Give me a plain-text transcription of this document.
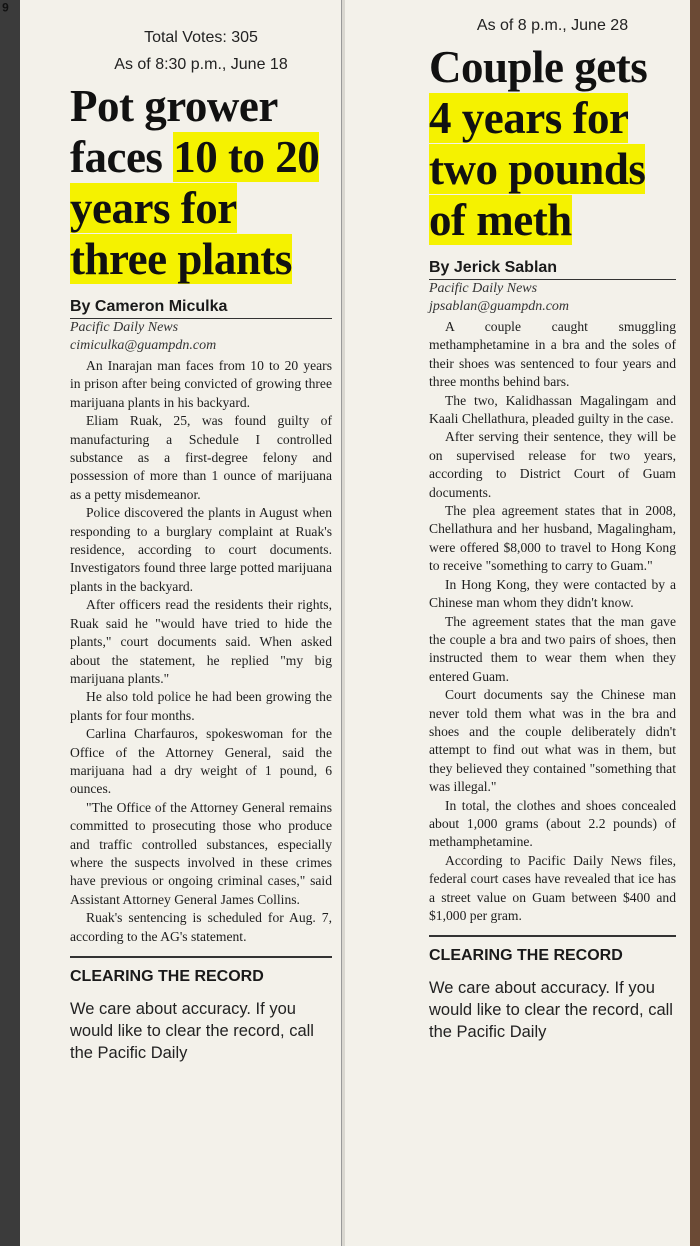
6
Total Votes: 305
As of 8:30 p.m., June 18
Pot grower faces 10 to 20 years for three plants
By Cameron Miculka
Pacific Daily News
cimiculka@guampdn.com

An Inarajan man faces from 10 to 20 years in prison after being convicted of growing three marijuana plants in his backyard.

Eliam Ruak, 25, was found guilty of manufacturing a Schedule I controlled substance as a first-degree felony and possession of more than 1 ounce of marijuana as a petty misdemeanor.

Police discovered the plants in August when responding to a burglary complaint at Ruak's residence, according to court documents. Investigators found three large potted marijuana plants in the backyard.

After officers read the residents their rights, Ruak said he "would have tried to hide the plants," court documents said. When asked about the statement, he replied "my big marijuana plants."

He also told police he had been growing the plants for four months.

Carlina Charfauros, spokeswoman for the Office of the Attorney General, said the marijuana had a dry weight of 1 pound, 6 ounces.

"The Office of the Attorney General remains committed to prosecuting those who produce and traffic controlled substances, especially where the suspects involved in these crimes have previous or ongoing criminal cases," said Assistant Attorney General James Collins.

Ruak's sentencing is scheduled for Aug. 7, according to the AG's statement.

CLEARING THE RECORD
We care about accuracy. If you would like to clear the record, call the Pacific Daily
As of 8 p.m., June 28
Couple gets 4 years for two pounds of meth
By Jerick Sablan
Pacific Daily News
jpsablan@guampdn.com

A couple caught smuggling methamphetamine in a bra and the soles of their shoes was sentenced to four years and three months behind bars.

The two, Kalidhassan Magalingam and Kaali Chellathura, pleaded guilty in the case.

After serving their sentence, they will be on supervised release for two years, according to District Court of Guam documents.

The plea agreement states that in 2008, Chellathura and her husband, Magalingham, were offered $8,000 to travel to Hong Kong to receive "something to carry to Guam."

In Hong Kong, they were contacted by a Chinese man whom they didn't know.

The agreement states that the man gave the couple a bra and two pairs of shoes, then instructed them to wear them when they entered Guam.

Court documents say the Chinese man never told them what was in the bra and shoes and the couple deliberately didn't attempt to find out what was in them, but they believed they contained "something that was illegal."

In total, the clothes and shoes concealed about 1,000 grams (about 2.2 pounds) of methamphetamine.

According to Pacific Daily News files, federal court cases have revealed that ice has a street value on Guam between $400 and $1,000 per gram.

CLEARING THE RECORD
We care about accuracy. If you would like to clear the record, call the Pacific Daily
